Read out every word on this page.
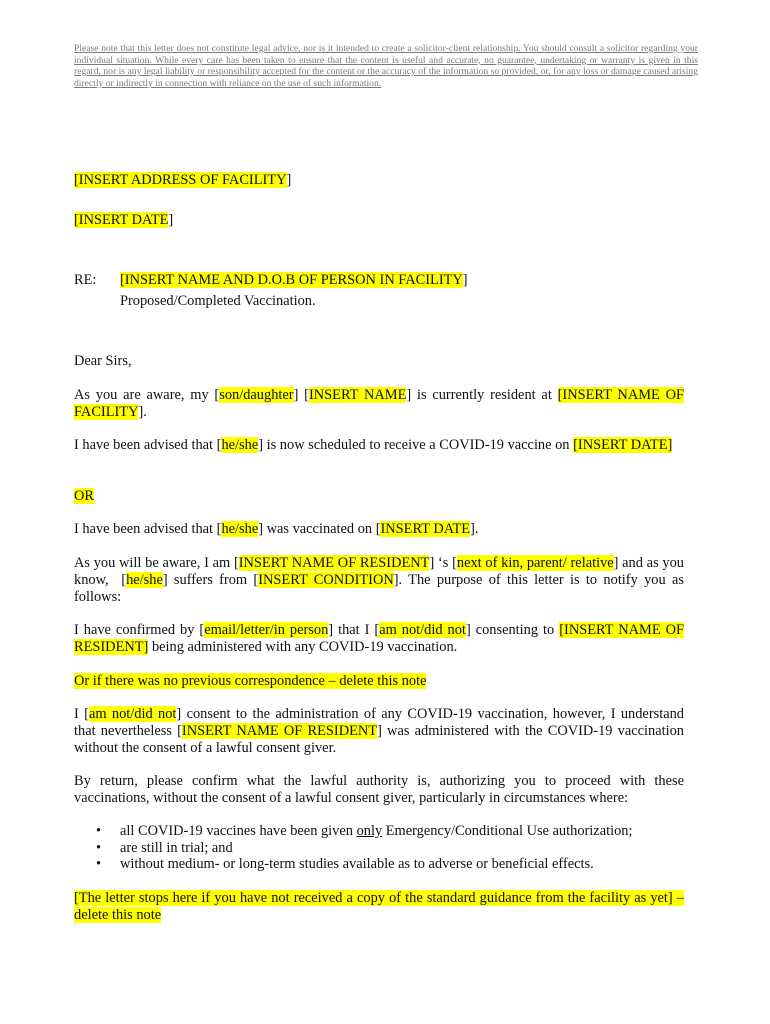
Please note that this letter does not constitute legal advice, nor is it intended to create a solicitor-client relationship. You should consult a solicitor regarding your individual situation. While every care has been taken to ensure that the content is useful and accurate, no guarantee, undertaking or warranty is given in this regard, nor is any legal liability or responsibility accepted for the content or the accuracy of the information so provided, or, for any loss or damage caused arising directly or indirectly in connection with reliance on the use of such information.

[INSERT ADDRESS OF FACILITY]

[INSERT DATE]

RE: [INSERT NAME AND D.O.B OF PERSON IN FACILITY]
Proposed/Completed Vaccination.

Dear Sirs,

As you are aware, my [son/daughter] [INSERT NAME] is currently resident at [INSERT NAME OF FACILITY].

I have been advised that [he/she] is now scheduled to receive a COVID-19 vaccine on [INSERT DATE]

OR

I have been advised that [he/she] was vaccinated on [INSERT DATE].

As you will be aware, I am [INSERT NAME OF RESIDENT] ‘s [next of kin, parent/ relative] and as you know,  [he/she] suffers from [INSERT CONDITION]. The purpose of this letter is to notify you as follows:

I have confirmed by [email/letter/in person] that I [am not/did not] consenting to [INSERT NAME OF RESIDENT] being administered with any COVID-19 vaccination.

Or if there was no previous correspondence – delete this note

I [am not/did not] consent to the administration of any COVID-19 vaccination, however, I understand that nevertheless [INSERT NAME OF RESIDENT] was administered with the COVID-19 vaccination without the consent of a lawful consent giver.

By return, please confirm what the lawful authority is, authorizing you to proceed with these vaccinations, without the consent of a lawful consent giver, particularly in circumstances where:

• all COVID-19 vaccines have been given only Emergency/Conditional Use authorization;
• are still in trial; and
• without medium- or long-term studies available as to adverse or beneficial effects.

[The letter stops here if you have not received a copy of the standard guidance from the facility as yet] – delete this note
